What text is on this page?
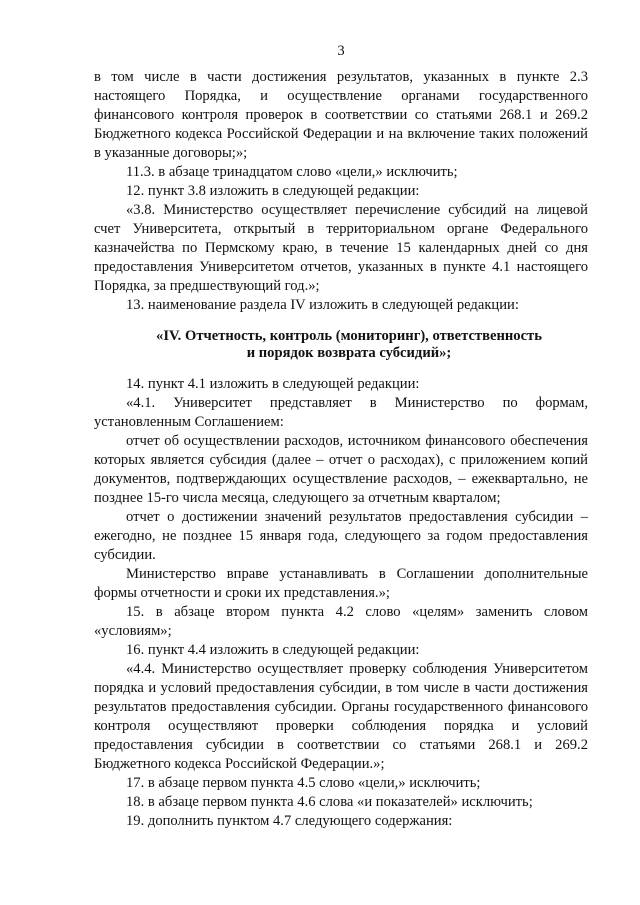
3

в том числе в части достижения результатов, указанных в пункте 2.3 настоящего Порядка, и осуществление органами государственного финансового контроля проверок в соответствии со статьями 268.1 и 269.2 Бюджетного кодекса Российской Федерации и на включение таких положений в указанные договоры;»;

11.3. в абзаце тринадцатом слово «цели,» исключить;

12. пункт 3.8 изложить в следующей редакции:

«3.8. Министерство осуществляет перечисление субсидий на лицевой счет Университета, открытый в территориальном органе Федерального казначейства по Пермскому краю, в течение 15 календарных дней со дня предоставления Университетом отчетов, указанных в пункте 4.1 настоящего Порядка, за предшествующий год.»;

13. наименование раздела IV изложить в следующей редакции:

«IV. Отчетность, контроль (мониторинг), ответственность
и порядок возврата субсидий»;

14. пункт 4.1 изложить в следующей редакции:

«4.1. Университет представляет в Министерство по формам, установленным Соглашением:

отчет об осуществлении расходов, источником финансового обеспечения которых является субсидия (далее – отчет о расходах), с приложением копий документов, подтверждающих осуществление расходов, – ежеквартально, не позднее 15-го числа месяца, следующего за отчетным кварталом;

отчет о достижении значений результатов предоставления субсидии – ежегодно, не позднее 15 января года, следующего за годом предоставления субсидии.

Министерство вправе устанавливать в Соглашении дополнительные формы отчетности и сроки их представления.»;

15. в абзаце втором пункта 4.2 слово «целям» заменить словом «условиям»;

16. пункт 4.4 изложить в следующей редакции:

«4.4. Министерство осуществляет проверку соблюдения Университетом порядка и условий предоставления субсидии, в том числе в части достижения результатов предоставления субсидии. Органы государственного финансового контроля осуществляют проверки соблюдения порядка и условий предоставления субсидии в соответствии со статьями 268.1 и 269.2 Бюджетного кодекса Российской Федерации.»;

17. в абзаце первом пункта 4.5 слово «цели,» исключить;

18. в абзаце первом пункта 4.6 слова «и показателей» исключить;

19. дополнить пунктом 4.7 следующего содержания:
